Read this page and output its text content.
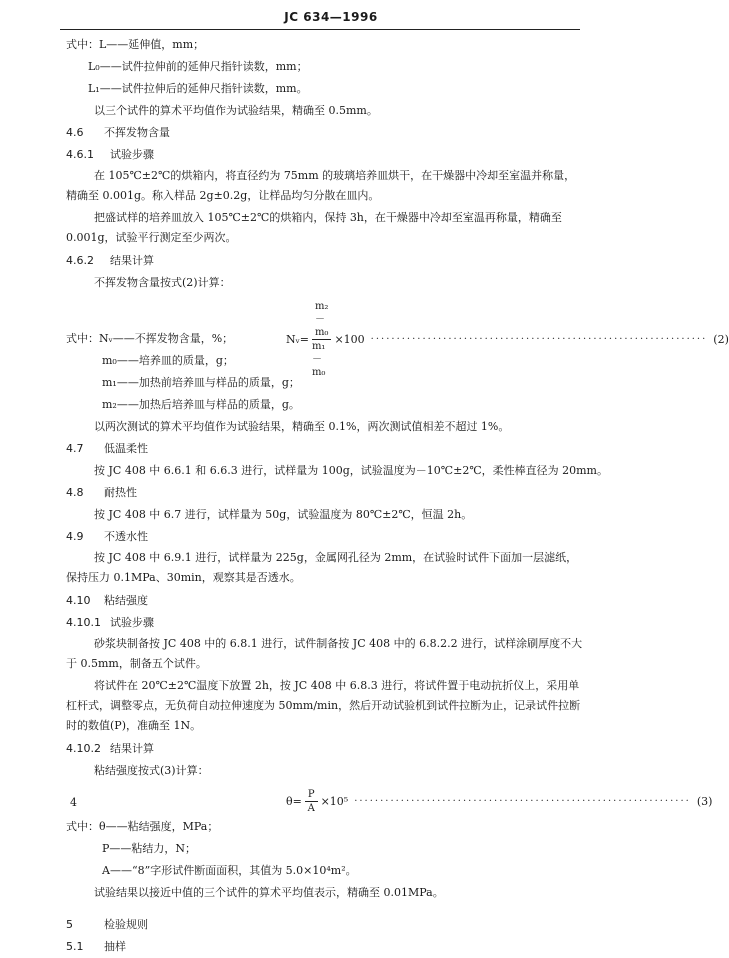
JC 634—1996
式中：L——延伸值，mm；
L₀——试件拉伸前的延伸尺指针读数，mm；
L₁——试件拉伸后的延伸尺指针读数，mm。
以三个试件的算术平均值作为试验结果，精确至 0.5mm。
4.6 不挥发物含量
4.6.1 试验步骤
在 105℃±2℃的烘箱内，将直径约为 75mm 的玻璃培养皿烘干，在干燥器中冷却至室温并称量，精确至 0.001g。称入样品 2g±0.2g，让样品均匀分散在皿内。
把盛试样的培养皿放入 105℃±2℃的烘箱内，保持 3h，在干燥器中冷却至室温再称量，精确至 0.001g，试验平行测定至少两次。
4.6.2 结果计算
不挥发物含量按式(2)计算：
Nᵥ= $\frac{\text{m₂－m₀}}{\text{m₁－m₀}} \times 100$ ································································· (2)
式中：Nᵥ——不挥发物含量，%；
m₀——培养皿的质量，g；
m₁——加热前培养皿与样品的质量，g；
m₂——加热后培养皿与样品的质量，g。
以两次测试的算术平均值作为试验结果，精确至 0.1%，两次测试值相差不超过 1%。
4.7 低温柔性
按 JC 408 中 6.6.1 和 6.6.3 进行，试样量为 100g，试验温度为－10℃±2℃，柔性棒直径为 20mm。
4.8 耐热性
按 JC 408 中 6.7 进行，试样量为 50g，试验温度为 80℃±2℃，恒温 2h。
4.9 不透水性
按 JC 408 中 6.9.1 进行，试样量为 225g，金属网孔径为 2mm，在试验时试件下面加一层滤纸，保持压力 0.1MPa、30min，观察其是否透水。
4.10 粘结强度
4.10.1 试验步骤
砂浆块制备按 JC 408 中的 6.8.1 进行，试件制备按 JC 408 中的 6.8.2.2 进行，试样涂刷厚度不大于 0.5mm，制备五个试件。
将试件在 20℃±2℃温度下放置 2h，按 JC 408 中 6.8.3 进行，将试件置于电动抗折仪上，采用单杠杆式，调整零点，无负荷自动拉伸速度为 50mm/min，然后开动试验机到试件拉断为止，记录试件拉断时的数值(P)，准确至 1N。
4.10.2 结果计算
粘结强度按式(3)计算：
$\theta= \frac{P}{A} \times 10^5$ ································································· (3)
式中：θ——粘结强度，MPa；
P——粘结力，N；
A——“8”字形试件断面面积，其值为 5.0×10⁴m²。
试验结果以接近中值的三个试件的算术平均值表示，精确至 0.01MPa。
5	检验规则
5.1 抽样
4
